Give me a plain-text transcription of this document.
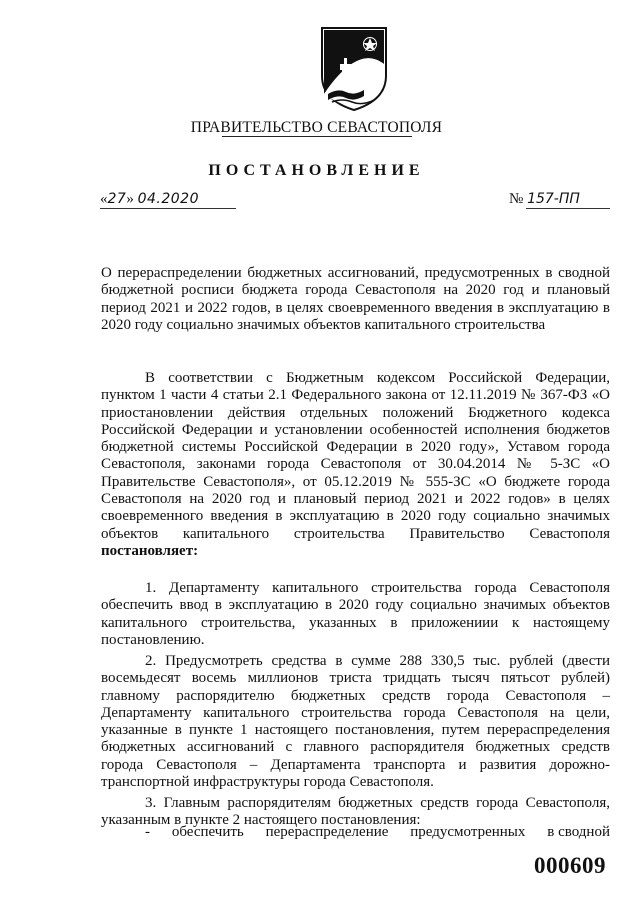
ПРАВИТЕЛЬСТВО СЕВАСТОПОЛЯ
ПОСТАНОВЛЕНИЕ
«27» 04.2020	№ 157-ПП
О перераспределении бюджетных ассигнований, предусмотренных в сводной бюджетной росписи бюджета города Севастополя на 2020 год и плановый период 2021 и 2022 годов, в целях своевременного введения в эксплуатацию в 2020 году социально значимых объектов капитального строительства
В соответствии с Бюджетным кодексом Российской Федерации, пунктом 1 части 4 статьи 2.1 Федерального закона от 12.11.2019 № 367-ФЗ «О приостановлении действия отдельных положений Бюджетного кодекса Российской Федерации и установлении особенностей исполнения бюджетов бюджетной системы Российской Федерации в 2020 году», Уставом города Севастополя, законами города Севастополя от 30.04.2014 № 5-ЗС «О Правительстве Севастополя», от 05.12.2019 № 555-ЗС «О бюджете города Севастополя на 2020 год и плановый период 2021 и 2022 годов» в целях своевременного введения в эксплуатацию в 2020 году социально значимых объектов капитального строительства Правительство Севастополя постановляет:
1. Департаменту капитального строительства города Севастополя обеспечить ввод в эксплуатацию в 2020 году социально значимых объектов капитального строительства, указанных в приложениии к настоящему постановлению.
2. Предусмотреть средства в сумме 288 330,5 тыс. рублей (двести восемьдесят восемь миллионов триста тридцать тысяч пятьсот рублей) главному распорядителю бюджетных средств города Севастополя – Департаменту капитального строительства города Севастополя на цели, указанные в пункте 1 настоящего постановления, путем перераспределения бюджетных ассигнований с главного распорядителя бюджетных средств города Севастополя – Департамента транспорта и развития дорожно-транспортной инфраструктуры города Севастополя.
3. Главным распорядителям бюджетных средств города Севастополя, указанным в пункте 2 настоящего постановления:
- обеспечить перераспределение предусмотренных в сводной
000609
